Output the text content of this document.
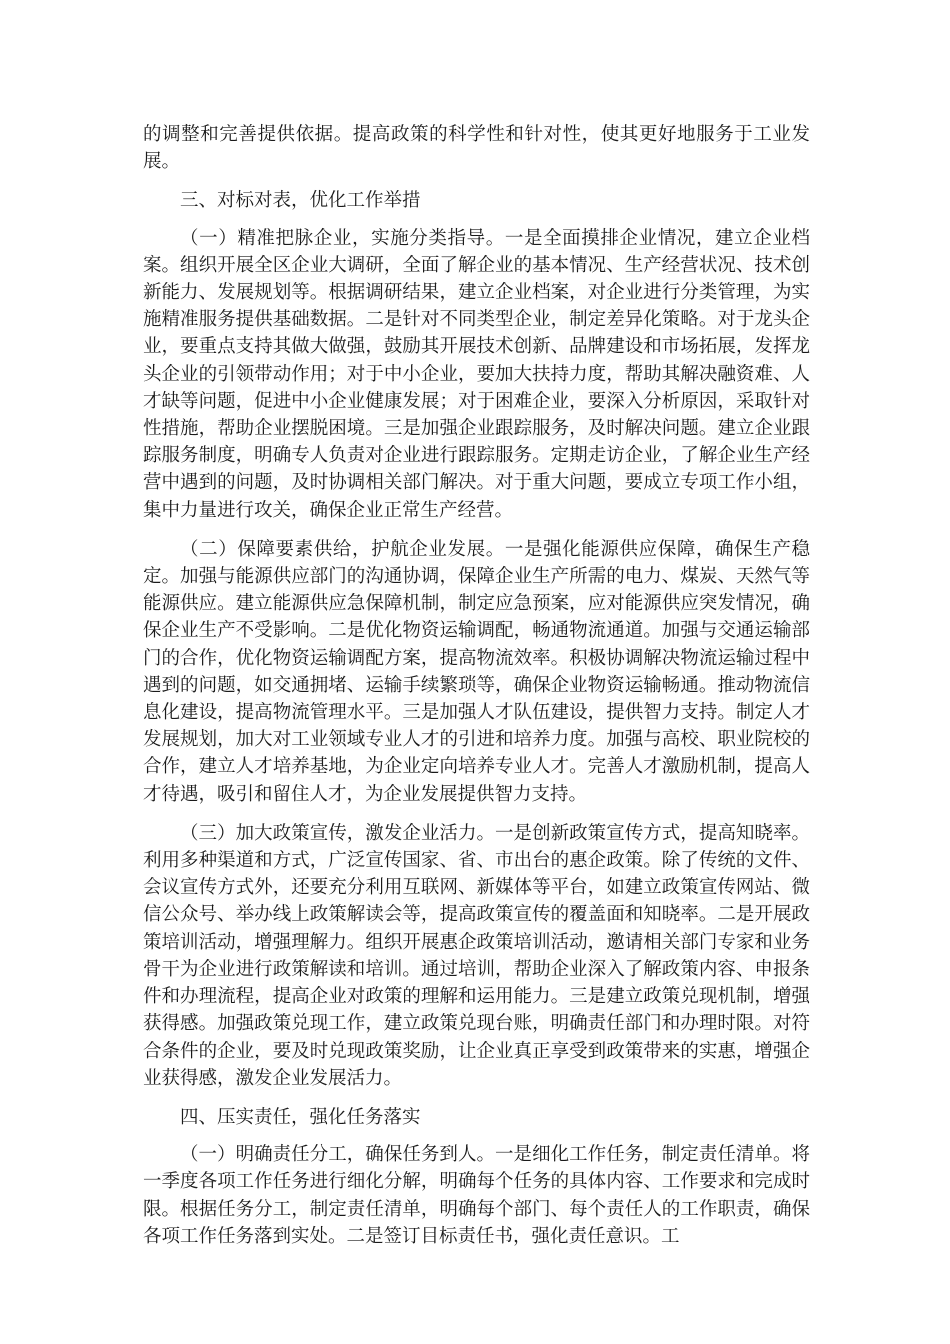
的调整和完善提供依据。提高政策的科学性和针对性，使其更好地服务于工业发展。

三、对标对表，优化工作举措

（一）精准把脉企业，实施分类指导。一是全面摸排企业情况，建立企业档案。组织开展全区企业大调研，全面了解企业的基本情况、生产经营状况、技术创新能力、发展规划等。根据调研结果，建立企业档案，对企业进行分类管理，为实施精准服务提供基础数据。二是针对不同类型企业，制定差异化策略。对于龙头企业，要重点支持其做大做强，鼓励其开展技术创新、品牌建设和市场拓展，发挥龙头企业的引领带动作用；对于中小企业，要加大扶持力度，帮助其解决融资难、人才缺等问题，促进中小企业健康发展；对于困难企业，要深入分析原因，采取针对性措施，帮助企业摆脱困境。三是加强企业跟踪服务，及时解决问题。建立企业跟踪服务制度，明确专人负责对企业进行跟踪服务。定期走访企业，了解企业生产经营中遇到的问题，及时协调相关部门解决。对于重大问题，要成立专项工作小组，集中力量进行攻关，确保企业正常生产经营。

（二）保障要素供给，护航企业发展。一是强化能源供应保障，确保生产稳定。加强与能源供应部门的沟通协调，保障企业生产所需的电力、煤炭、天然气等能源供应。建立能源供应急保障机制，制定应急预案，应对能源供应突发情况，确保企业生产不受影响。二是优化物资运输调配，畅通物流通道。加强与交通运输部门的合作，优化物资运输调配方案，提高物流效率。积极协调解决物流运输过程中遇到的问题，如交通拥堵、运输手续繁琐等，确保企业物资运输畅通。推动物流信息化建设，提高物流管理水平。三是加强人才队伍建设，提供智力支持。制定人才发展规划，加大对工业领域专业人才的引进和培养力度。加强与高校、职业院校的合作，建立人才培养基地，为企业定向培养专业人才。完善人才激励机制，提高人才待遇，吸引和留住人才，为企业发展提供智力支持。

（三）加大政策宣传，激发企业活力。一是创新政策宣传方式，提高知晓率。利用多种渠道和方式，广泛宣传国家、省、市出台的惠企政策。除了传统的文件、会议宣传方式外，还要充分利用互联网、新媒体等平台，如建立政策宣传网站、微信公众号、举办线上政策解读会等，提高政策宣传的覆盖面和知晓率。二是开展政策培训活动，增强理解力。组织开展惠企政策培训活动，邀请相关部门专家和业务骨干为企业进行政策解读和培训。通过培训，帮助企业深入了解政策内容、申报条件和办理流程，提高企业对政策的理解和运用能力。三是建立政策兑现机制，增强获得感。加强政策兑现工作，建立政策兑现台账，明确责任部门和办理时限。对符合条件的企业，要及时兑现政策奖励，让企业真正享受到政策带来的实惠，增强企业获得感，激发企业发展活力。

四、压实责任，强化任务落实

（一）明确责任分工，确保任务到人。一是细化工作任务，制定责任清单。将一季度各项工作任务进行细化分解，明确每个任务的具体内容、工作要求和完成时限。根据任务分工，制定责任清单，明确每个部门、每个责任人的工作职责，确保各项工作任务落到实处。二是签订目标责任书，强化责任意识。工
